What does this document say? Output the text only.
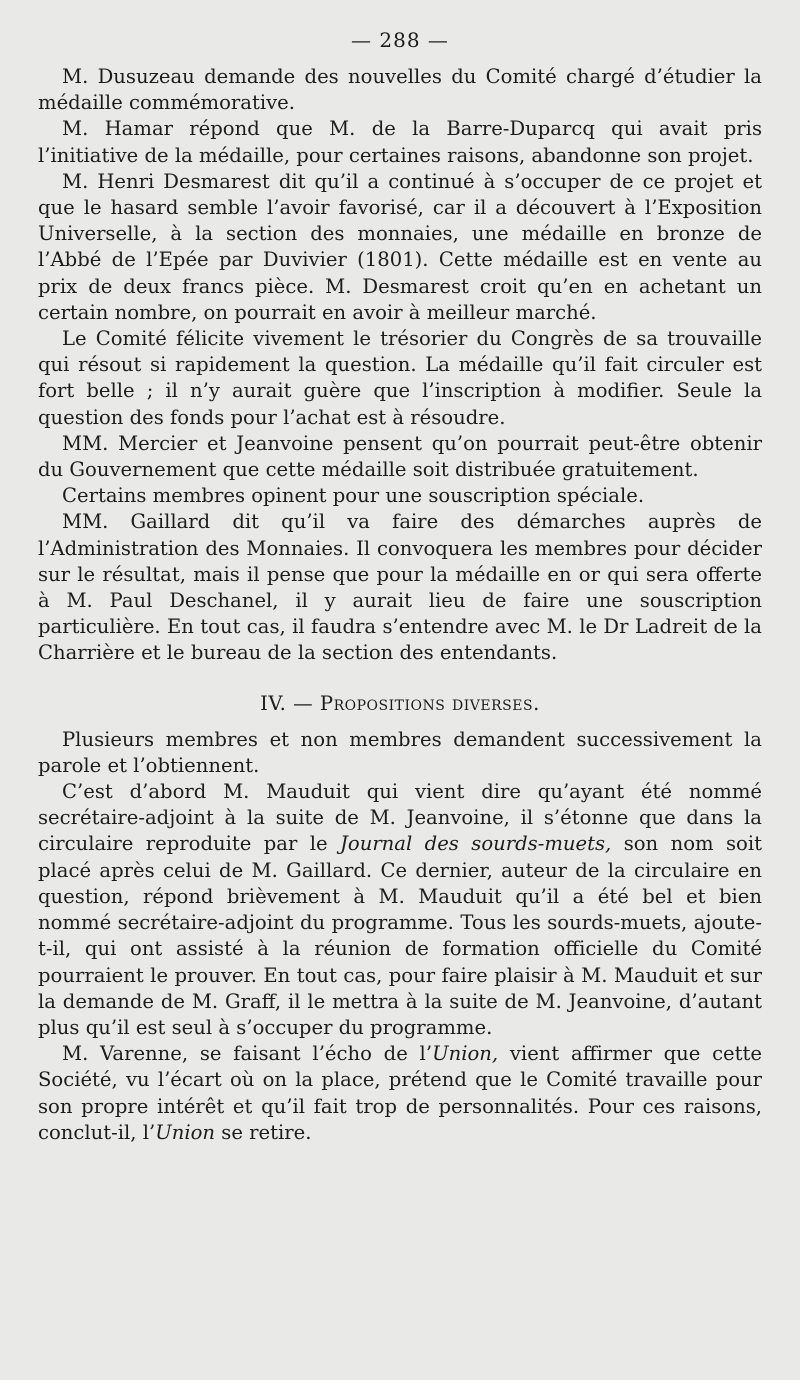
— 288 —

M. Dusuzeau demande des nouvelles du Comité chargé d’étudier la médaille commémorative.

M. Hamar répond que M. de la Barre-Duparcq qui avait pris l’initiative de la médaille, pour certaines raisons, abandonne son projet.

M. Henri Desmarest dit qu’il a continué à s’occuper de ce projet et que le hasard semble l’avoir favorisé, car il a découvert à l’Exposition Universelle, à la section des monnaies, une médaille en bronze de l’Abbé de l’Epée par Duvivier (1801). Cette médaille est en vente au prix de deux francs pièce. M. Desmarest croit qu’en en achetant un certain nombre, on pourrait en avoir à meilleur marché.

Le Comité félicite vivement le trésorier du Congrès de sa trouvaille qui résout si rapidement la question. La médaille qu’il fait circuler est fort belle ; il n’y aurait guère que l’inscription à modifier. Seule la question des fonds pour l’achat est à résoudre.

MM. Mercier et Jeanvoine pensent qu’on pourrait peut-être obtenir du Gouvernement que cette médaille soit distribuée gratuitement.

Certains membres opinent pour une souscription spéciale.

MM. Gaillard dit qu’il va faire des démarches auprès de l’Administration des Monnaies. Il convoquera les membres pour décider sur le résultat, mais il pense que pour la médaille en or qui sera offerte à M. Paul Deschanel, il y aurait lieu de faire une souscription particulière. En tout cas, il faudra s’entendre avec M. le Dr Ladreit de la Charrière et le bureau de la section des entendants.

IV. — Propositions diverses.

Plusieurs membres et non membres demandent successivement la parole et l’obtiennent.

C’est d’abord M. Mauduit qui vient dire qu’ayant été nommé secrétaire-adjoint à la suite de M. Jeanvoine, il s’étonne que dans la circulaire reproduite par le Journal des sourds-muets, son nom soit placé après celui de M. Gaillard. Ce dernier, auteur de la circulaire en question, répond brièvement à M. Mauduit qu’il a été bel et bien nommé secrétaire-adjoint du programme. Tous les sourds-muets, ajoute-t-il, qui ont assisté à la réunion de formation officielle du Comité pourraient le prouver. En tout cas, pour faire plaisir à M. Mauduit et sur la demande de M. Graff, il le mettra à la suite de M. Jeanvoine, d’autant plus qu’il est seul à s’occuper du programme.

M. Varenne, se faisant l’écho de l’Union, vient affirmer que cette Société, vu l’écart où on la place, prétend que le Comité travaille pour son propre intérêt et qu’il fait trop de personnalités. Pour ces raisons, conclut-il, l’Union se retire.
